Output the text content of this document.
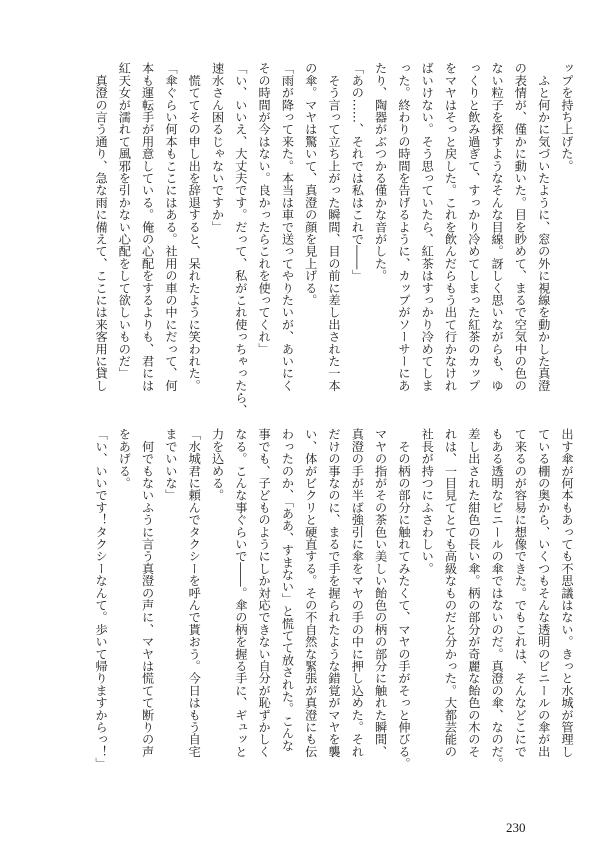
ップを持ち上げた。
　ふと何かに気づいたように、窓の外に視線を動かした真澄
の表情が、僅かに動いた。目を眇めて、まるで空気中の色の
ない粒子を探すようなそんな目線。訝しく思いながらも、ゆ
っくりと飲み過ぎて、すっかり冷めてしまった紅茶のカップ
をマヤはそっと戻した。これを飲んだらもう出て行かなけれ
ばいけない。そう思っていたら、紅茶はすっかり冷めてしま
った。終わりの時間を告げるように、カップがソーサーにあ
たり、陶器がぶつかる僅かな音がした。
「あの……、それでは私はこれで――」
　そう言って立ち上がった瞬間、目の前に差し出された一本
の傘。マヤは驚いて、真澄の顔を見上げる。
「雨が降って来た。本当は車で送ってやりたいが、あいにく
その時間が今はない。良かったらこれを使ってくれ」
「い、いいえ、大丈夫です。だって、私がこれ使っちゃったら、
速水さん困るじゃないですか」
　慌ててその申し出を辞退すると、呆れたように笑われた。
「傘ぐらい何本もここにはある。社用の車の中にだって、何
本も運転手が用意している。俺の心配をするよりも、君には
紅天女が濡れて風邪を引かない心配をして欲しいものだ」
　真澄の言う通り、急な雨に備えて、ここには来客用に貸し
出す傘が何本もあっても不思議はない。きっと水城が管理し
ている棚の奥から、いくつもそんな透明のビニールの傘が出
て来るのが容易に想像できた。でもこれは、そんなどこにで
もある透明なビニールの傘ではないのだ。真澄の傘、なのだ。
差し出された紺色の長い傘。柄の部分が奇麗な飴色の木のそ
れは、一目見てとても高級なものだと分かった。大都芸能の
社長が持つにふさわしい。
　その柄の部分に触れてみたくて、マヤの手がそっと伸びる。
マヤの指がその茶色い美しい飴色の柄の部分に触れた瞬間、
真澄の手が半ば強引に傘をマヤの手の中に押し込めた。それ
だけの事なのに、まるで手を握られたような錯覚がマヤを襲
い、体がビクリと硬直する。その不自然な緊張が真澄にも伝
わったのか、「ああ、すまない」と慌てて放された。こんな
事でも、子どものようにしか対応できない自分が恥ずかしく
なる。こんな事ぐらいで――。傘の柄を握る手に、ギュッと
力を込める。
「水城君に頼んでタクシーを呼んで貰おう。今日はもう自宅
までいいな」
　何でもないふうに言う真澄の声に、マヤは慌てて断りの声
をあげる。
「い、いいです！タクシーなんて。歩いて帰りますからっ！」
230
